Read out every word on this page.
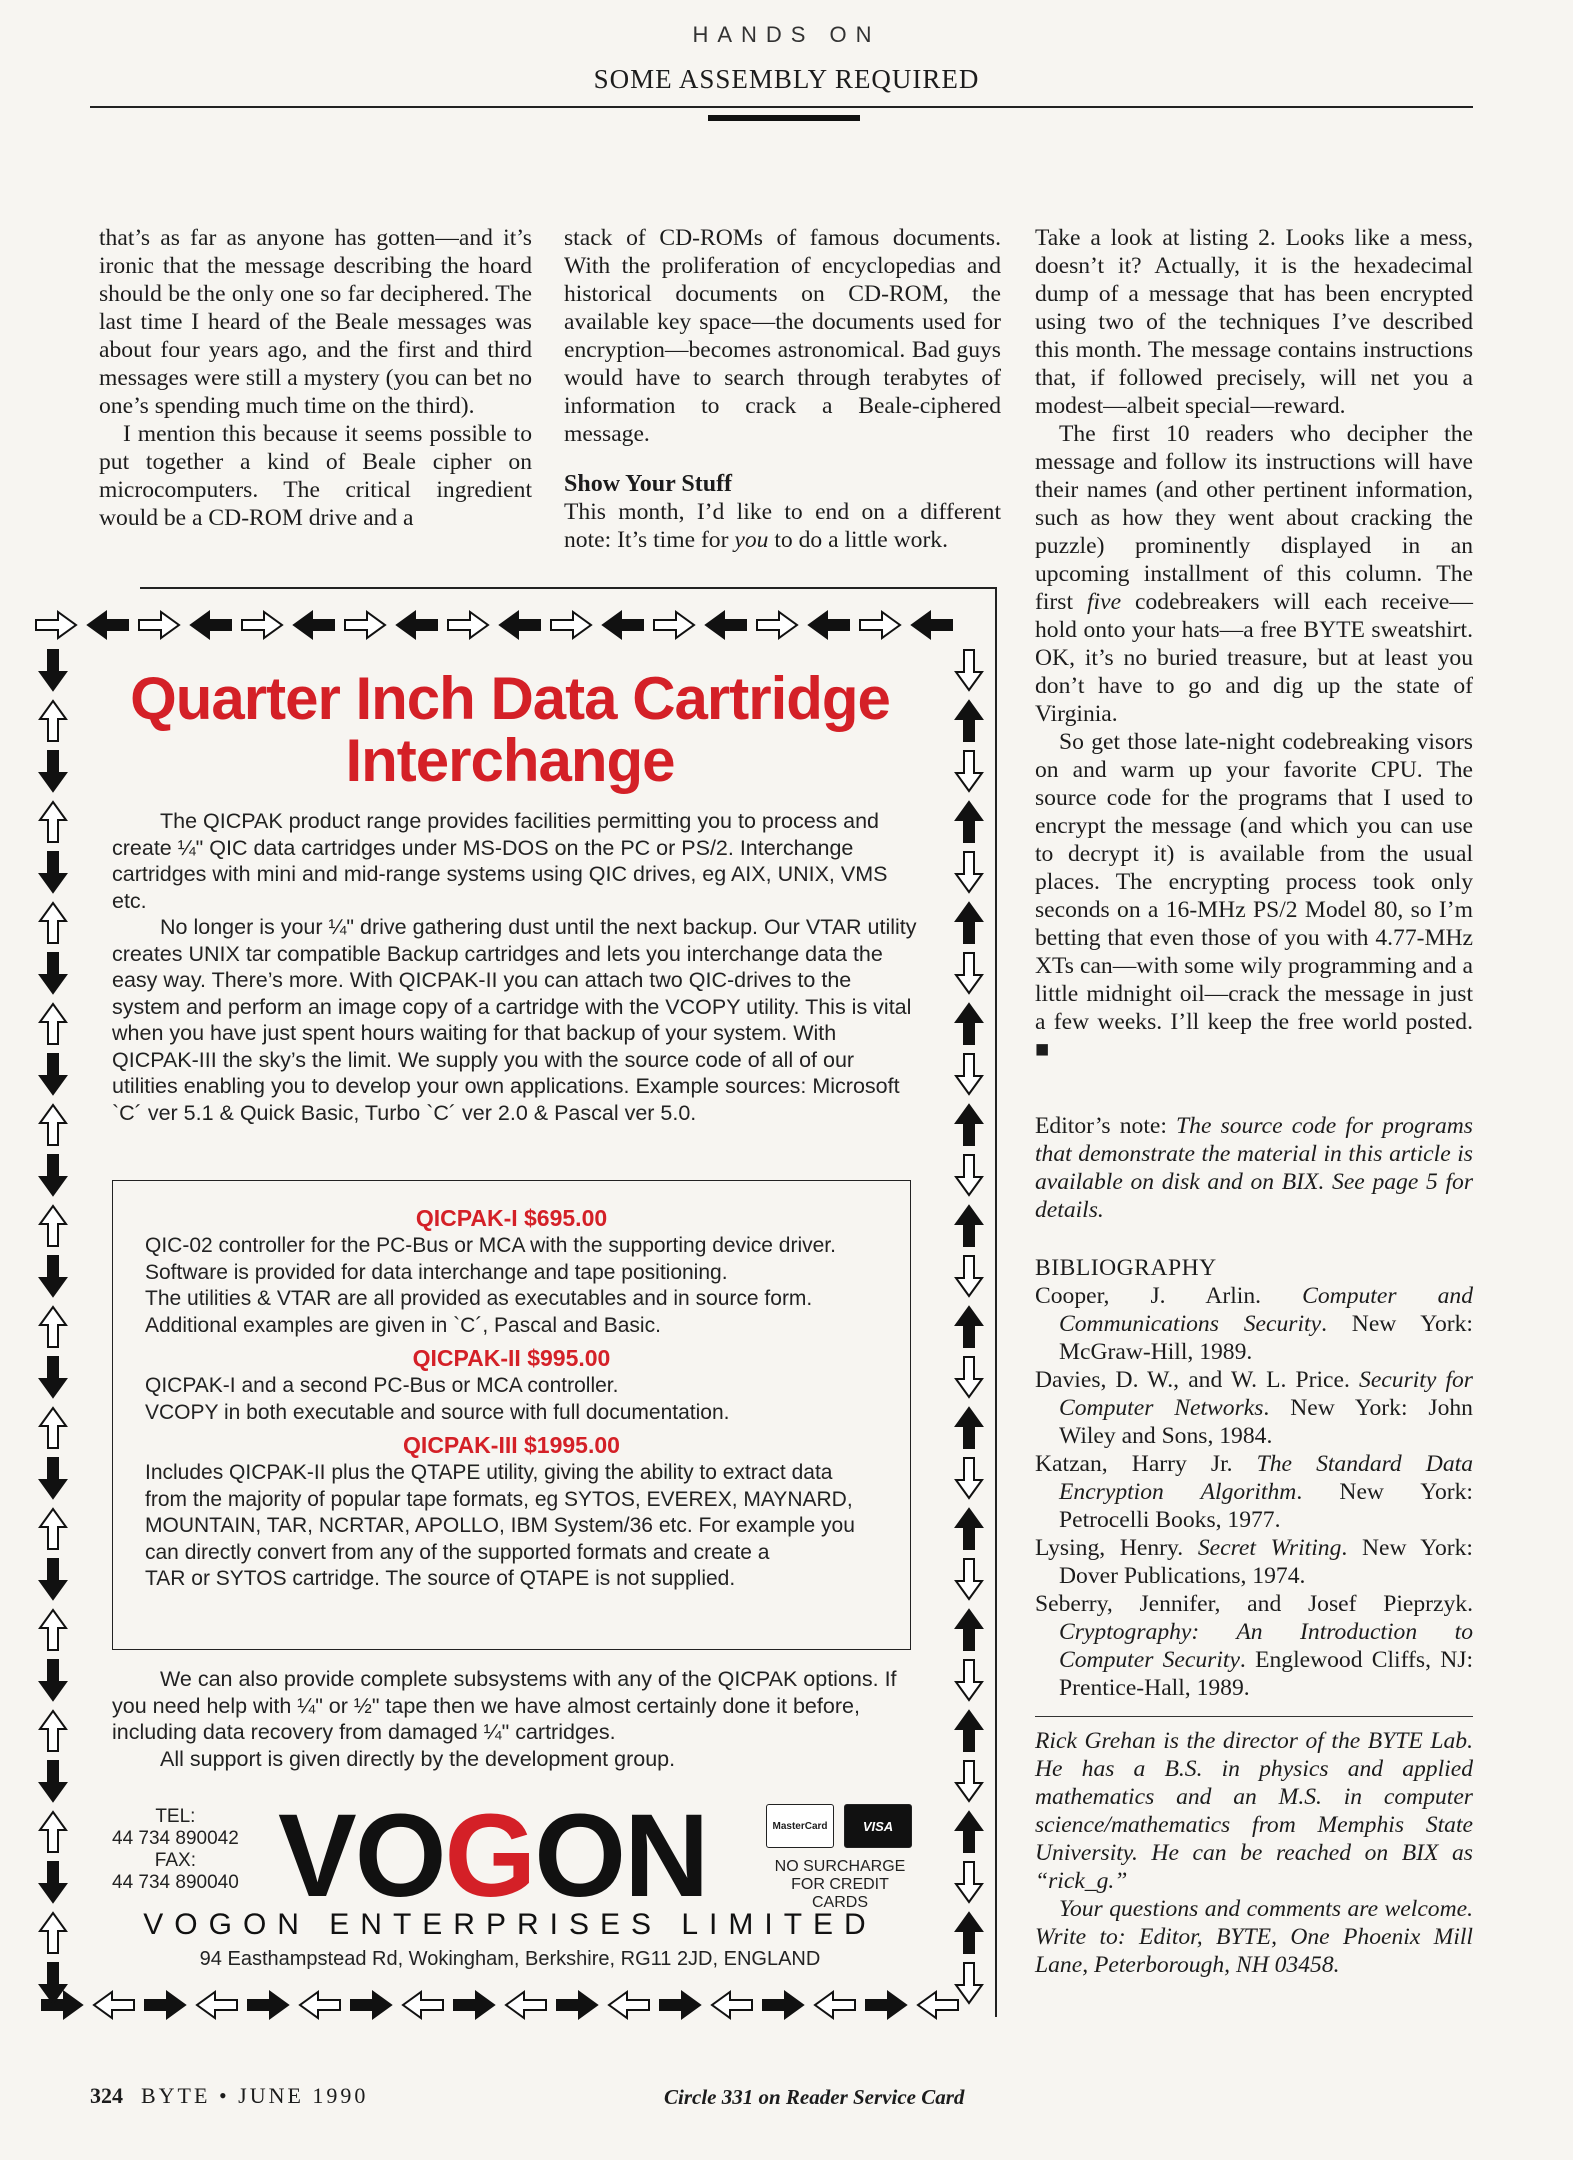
HANDS ON
SOME ASSEMBLY REQUIRED

that’s as far as anyone has gotten—and it’s ironic that the message describing the hoard should be the only one so far deciphered. The last time I heard of the Beale messages was about four years ago, and the first and third messages were still a mystery (you can bet no one’s spending much time on the third).

I mention this because it seems possible to put together a kind of Beale cipher on microcomputers. The critical ingredient would be a CD-ROM drive and a

stack of CD-ROMs of famous documents. With the proliferation of encyclopedias and historical documents on CD-ROM, the available key space—the documents used for encryption—becomes astronomical. Bad guys would have to search through terabytes of information to crack a Beale-ciphered message.

Show Your Stuff

This month, I’d like to end on a different note: It’s time for you to do a little work.

Take a look at listing 2. Looks like a mess, doesn’t it? Actually, it is the hexadecimal dump of a message that has been encrypted using two of the techniques I’ve described this month. The message contains instructions that, if followed precisely, will net you a modest—albeit special—reward.

The first 10 readers who decipher the message and follow its instructions will have their names (and other pertinent information, such as how they went about cracking the puzzle) prominently displayed in an upcoming installment of this column. The first five codebreakers will each receive—hold onto your hats—a free BYTE sweatshirt. OK, it’s no buried treasure, but at least you don’t have to go and dig up the state of Virginia.

So get those late-night codebreaking visors on and warm up your favorite CPU. The source code for the programs that I used to encrypt the message (and which you can use to decrypt it) is available from the usual places. The encrypting process took only seconds on a 16-MHz PS/2 Model 80, so I’m betting that even those of you with 4.77-MHz XTs can—with some wily programming and a little midnight oil—crack the message in just a few weeks. I’ll keep the free world posted. ■

Editor’s note: The source code for programs that demonstrate the material in this article is available on disk and on BIX. See page 5 for details.

BIBLIOGRAPHY

Cooper, J. Arlin. Computer and Communications Security. New York: McGraw-Hill, 1989.

Davies, D. W., and W. L. Price. Security for Computer Networks. New York: John Wiley and Sons, 1984.

Katzan, Harry Jr. The Standard Data Encryption Algorithm. New York: Petrocelli Books, 1977.

Lysing, Henry. Secret Writing. New York: Dover Publications, 1974.

Seberry, Jennifer, and Josef Pieprzyk. Cryptography: An Introduction to Computer Security. Englewood Cliffs, NJ: Prentice-Hall, 1989.

Rick Grehan is the director of the BYTE Lab. He has a B.S. in physics and applied mathematics and an M.S. in computer science/mathematics from Memphis State University. He can be reached on BIX as “rick_g.”

Your questions and comments are welcome. Write to: Editor, BYTE, One Phoenix Mill Lane, Peterborough, NH 03458.

Quarter Inch Data Cartridge
Interchange

The QICPAK product range provides facilities permitting you to process and create ¼" QIC data cartridges under MS-DOS on the PC or PS/2. Interchange cartridges with mini and mid-range systems using QIC drives, eg AIX, UNIX, VMS etc.

No longer is your ¼" drive gathering dust until the next backup. Our VTAR utility creates UNIX tar compatible Backup cartridges and lets you interchange data the easy way. There’s more. With QICPAK-II you can attach two QIC-drives to the system and perform an image copy of a cartridge with the VCOPY utility. This is vital when you have just spent hours waiting for that backup of your system. With QICPAK-III the sky’s the limit. We supply you with the source code of all of our utilities enabling you to develop your own applications. Example sources: Microsoft `C´ ver 5.1 & Quick Basic, Turbo `C´ ver 2.0 & Pascal ver 5.0.

QICPAK-I $695.00

QIC-02 controller for the PC-Bus or MCA with the supporting device driver.

Software is provided for data interchange and tape positioning.

The utilities & VTAR are all provided as executables and in source form.

Additional examples are given in `C´, Pascal and Basic.

QICPAK-II $995.00

QICPAK-I and a second PC-Bus or MCA controller.

VCOPY in both executable and source with full documentation.

QICPAK-III $1995.00

Includes QICPAK-II plus the QTAPE utility, giving the ability to extract data

from the majority of popular tape formats, eg SYTOS, EVEREX, MAYNARD,

MOUNTAIN, TAR, NCRTAR, APOLLO, IBM System/36 etc. For example you

can directly convert from any of the supported formats and create a

TAR or SYTOS cartridge. The source of QTAPE is not supplied.

We can also provide complete subsystems with any of the QICPAK options. If you need help with ¼" or ½" tape then we have almost certainly done it before, including data recovery from damaged ¼" cartridges.

All support is given directly by the development group.

TEL:
44 734 890042
FAX:
44 734 890040 VOGON	MasterCard	VISA
NO SURCHARGE FOR CREDIT CARDS
VOGON ENTERPRISES LIMITED
94 Easthampstead Rd, Wokingham, Berkshire, RG11 2JD, ENGLAND
324 BYTE • JUNE 1990	Circle 331 on Reader Service Card
